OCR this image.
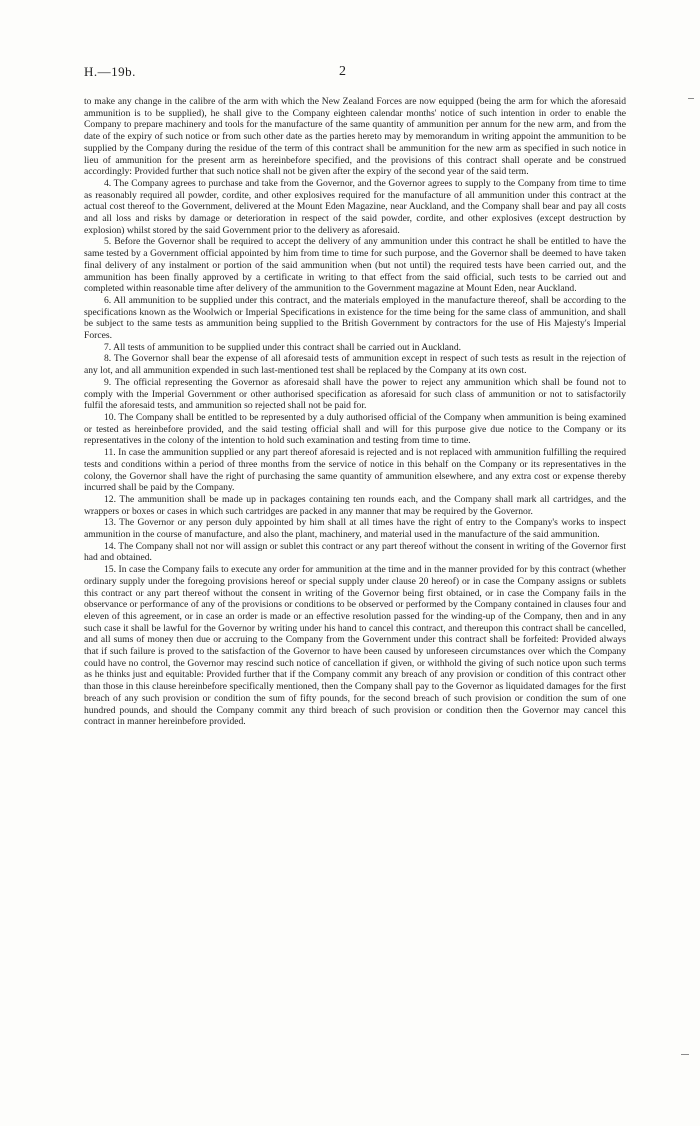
H.—19b.	2

to make any change in the calibre of the arm with which the New Zealand Forces are now equipped (being the arm for which the aforesaid ammunition is to be supplied), he shall give to the Company eighteen calendar months' notice of such intention in order to enable the Company to prepare machinery and tools for the manufacture of the same quantity of ammunition per annum for the new arm, and from the date of the expiry of such notice or from such other date as the parties hereto may by memorandum in writing appoint the ammunition to be supplied by the Company during the residue of the term of this contract shall be ammunition for the new arm as specified in such notice in lieu of ammunition for the present arm as hereinbefore specified, and the provisions of this contract shall operate and be construed accordingly: Provided further that such notice shall not be given after the expiry of the second year of the said term.

4. The Company agrees to purchase and take from the Governor, and the Governor agrees to supply to the Company from time to time as reasonably required all powder, cordite, and other explosives required for the manufacture of all ammunition under this contract at the actual cost thereof to the Government, delivered at the Mount Eden Magazine, near Auckland, and the Company shall bear and pay all costs and all loss and risks by damage or deterioration in respect of the said powder, cordite, and other explosives (except destruction by explosion) whilst stored by the said Government prior to the delivery as aforesaid.

5. Before the Governor shall be required to accept the delivery of any ammunition under this contract he shall be entitled to have the same tested by a Government official appointed by him from time to time for such purpose, and the Governor shall be deemed to have taken final delivery of any instalment or portion of the said ammunition when (but not until) the required tests have been carried out, and the ammunition has been finally approved by a certificate in writing to that effect from the said official, such tests to be carried out and completed within reasonable time after delivery of the ammunition to the Government magazine at Mount Eden, near Auckland.

6. All ammunition to be supplied under this contract, and the materials employed in the manufacture thereof, shall be according to the specifications known as the Woolwich or Imperial Specifications in existence for the time being for the same class of ammunition, and shall be subject to the same tests as ammunition being supplied to the British Government by contractors for the use of His Majesty's Imperial Forces.

7. All tests of ammunition to be supplied under this contract shall be carried out in Auckland.

8. The Governor shall bear the expense of all aforesaid tests of ammunition except in respect of such tests as result in the rejection of any lot, and all ammunition expended in such last-mentioned test shall be replaced by the Company at its own cost.

9. The official representing the Governor as aforesaid shall have the power to reject any ammunition which shall be found not to comply with the Imperial Government or other authorised specification as aforesaid for such class of ammunition or not to satisfactorily fulfil the aforesaid tests, and ammunition so rejected shall not be paid for.

10. The Company shall be entitled to be represented by a duly authorised official of the Company when ammunition is being examined or tested as hereinbefore provided, and the said testing official shall and will for this purpose give due notice to the Company or its representatives in the colony of the intention to hold such examination and testing from time to time.

11. In case the ammunition supplied or any part thereof aforesaid is rejected and is not replaced with ammunition fulfilling the required tests and conditions within a period of three months from the service of notice in this behalf on the Company or its representatives in the colony, the Governor shall have the right of purchasing the same quantity of ammunition elsewhere, and any extra cost or expense thereby incurred shall be paid by the Company.

12. The ammunition shall be made up in packages containing ten rounds each, and the Company shall mark all cartridges, and the wrappers or boxes or cases in which such cartridges are packed in any manner that may be required by the Governor.

13. The Governor or any person duly appointed by him shall at all times have the right of entry to the Company's works to inspect ammunition in the course of manufacture, and also the plant, machinery, and material used in the manufacture of the said ammunition.

14. The Company shall not nor will assign or sublet this contract or any part thereof without the consent in writing of the Governor first had and obtained.

15. In case the Company fails to execute any order for ammunition at the time and in the manner provided for by this contract (whether ordinary supply under the foregoing provisions hereof or special supply under clause 20 hereof) or in case the Company assigns or sublets this contract or any part thereof without the consent in writing of the Governor being first obtained, or in case the Company fails in the observance or performance of any of the provisions or conditions to be observed or performed by the Company contained in clauses four and eleven of this agreement, or in case an order is made or an effective resolution passed for the winding-up of the Company, then and in any such case it shall be lawful for the Governor by writing under his hand to cancel this contract, and thereupon this contract shall be cancelled, and all sums of money then due or accruing to the Company from the Government under this contract shall be forfeited: Provided always that if such failure is proved to the satisfaction of the Governor to have been caused by unforeseen circumstances over which the Company could have no control, the Governor may rescind such notice of cancellation if given, or withhold the giving of such notice upon such terms as he thinks just and equitable: Provided further that if the Company commit any breach of any provision or condition of this contract other than those in this clause hereinbefore specifically mentioned, then the Company shall pay to the Governor as liquidated damages for the first breach of any such provision or condition the sum of fifty pounds, for the second breach of such provision or condition the sum of one hundred pounds, and should the Company commit any third breach of such provision or condition then the Governor may cancel this contract in manner hereinbefore provided.
